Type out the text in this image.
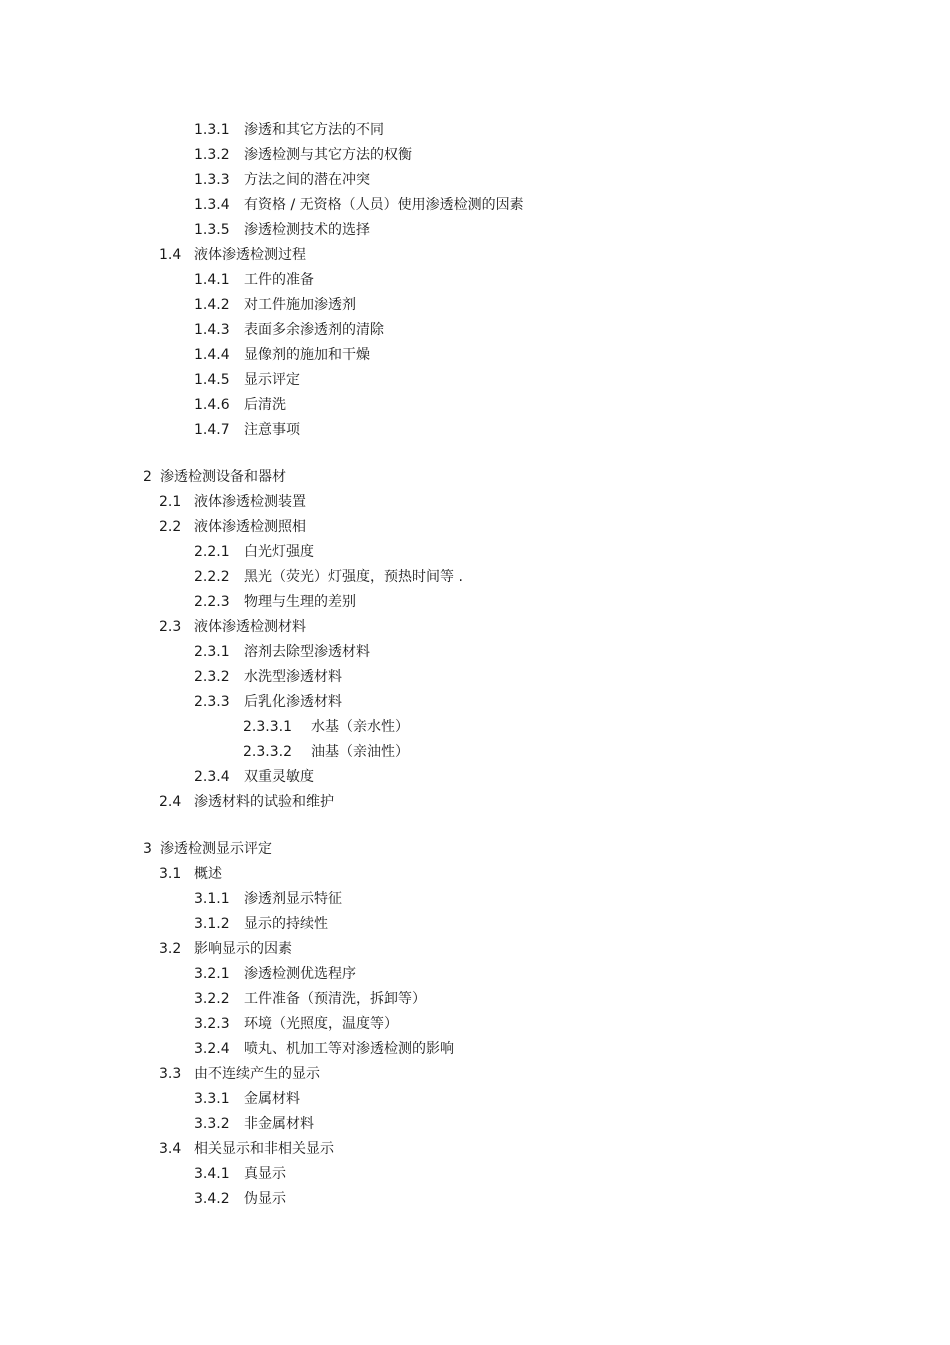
1.3.1 渗透和其它方法的不同
1.3.2 渗透检测与其它方法的权衡
1.3.3 方法之间的潜在冲突
1.3.4 有资格 / 无资格（人员）使用渗透检测的因素
1.3.5 渗透检测技术的选择
1.4 液体渗透检测过程
1.4.1 工件的准备
1.4.2 对工件施加渗透剂
1.4.3 表面多余渗透剂的清除
1.4.4 显像剂的施加和干燥
1.4.5 显示评定
1.4.6 后清洗
1.4.7 注意事项
2 渗透检测设备和器材
2.1 液体渗透检测装置
2.2 液体渗透检测照相
2.2.1 白光灯强度
2.2.2 黑光（荧光）灯强度，预热时间等 .
2.2.3 物理与生理的差别
2.3 液体渗透检测材料
2.3.1 溶剂去除型渗透材料
2.3.2 水洗型渗透材料
2.3.3 后乳化渗透材料
2.3.3.1 水基（亲水性）
2.3.3.2 油基（亲油性）
2.3.4 双重灵敏度
2.4 渗透材料的试验和维护
3 渗透检测显示评定
3.1 概述
3.1.1 渗透剂显示特征
3.1.2 显示的持续性
3.2 影响显示的因素
3.2.1 渗透检测优选程序
3.2.2 工件准备（预清洗，拆卸等）
3.2.3 环境（光照度，温度等）
3.2.4 喷丸、机加工等对渗透检测的影响
3.3 由不连续产生的显示
3.3.1 金属材料
3.3.2 非金属材料
3.4 相关显示和非相关显示
3.4.1 真显示
3.4.2 伪显示
